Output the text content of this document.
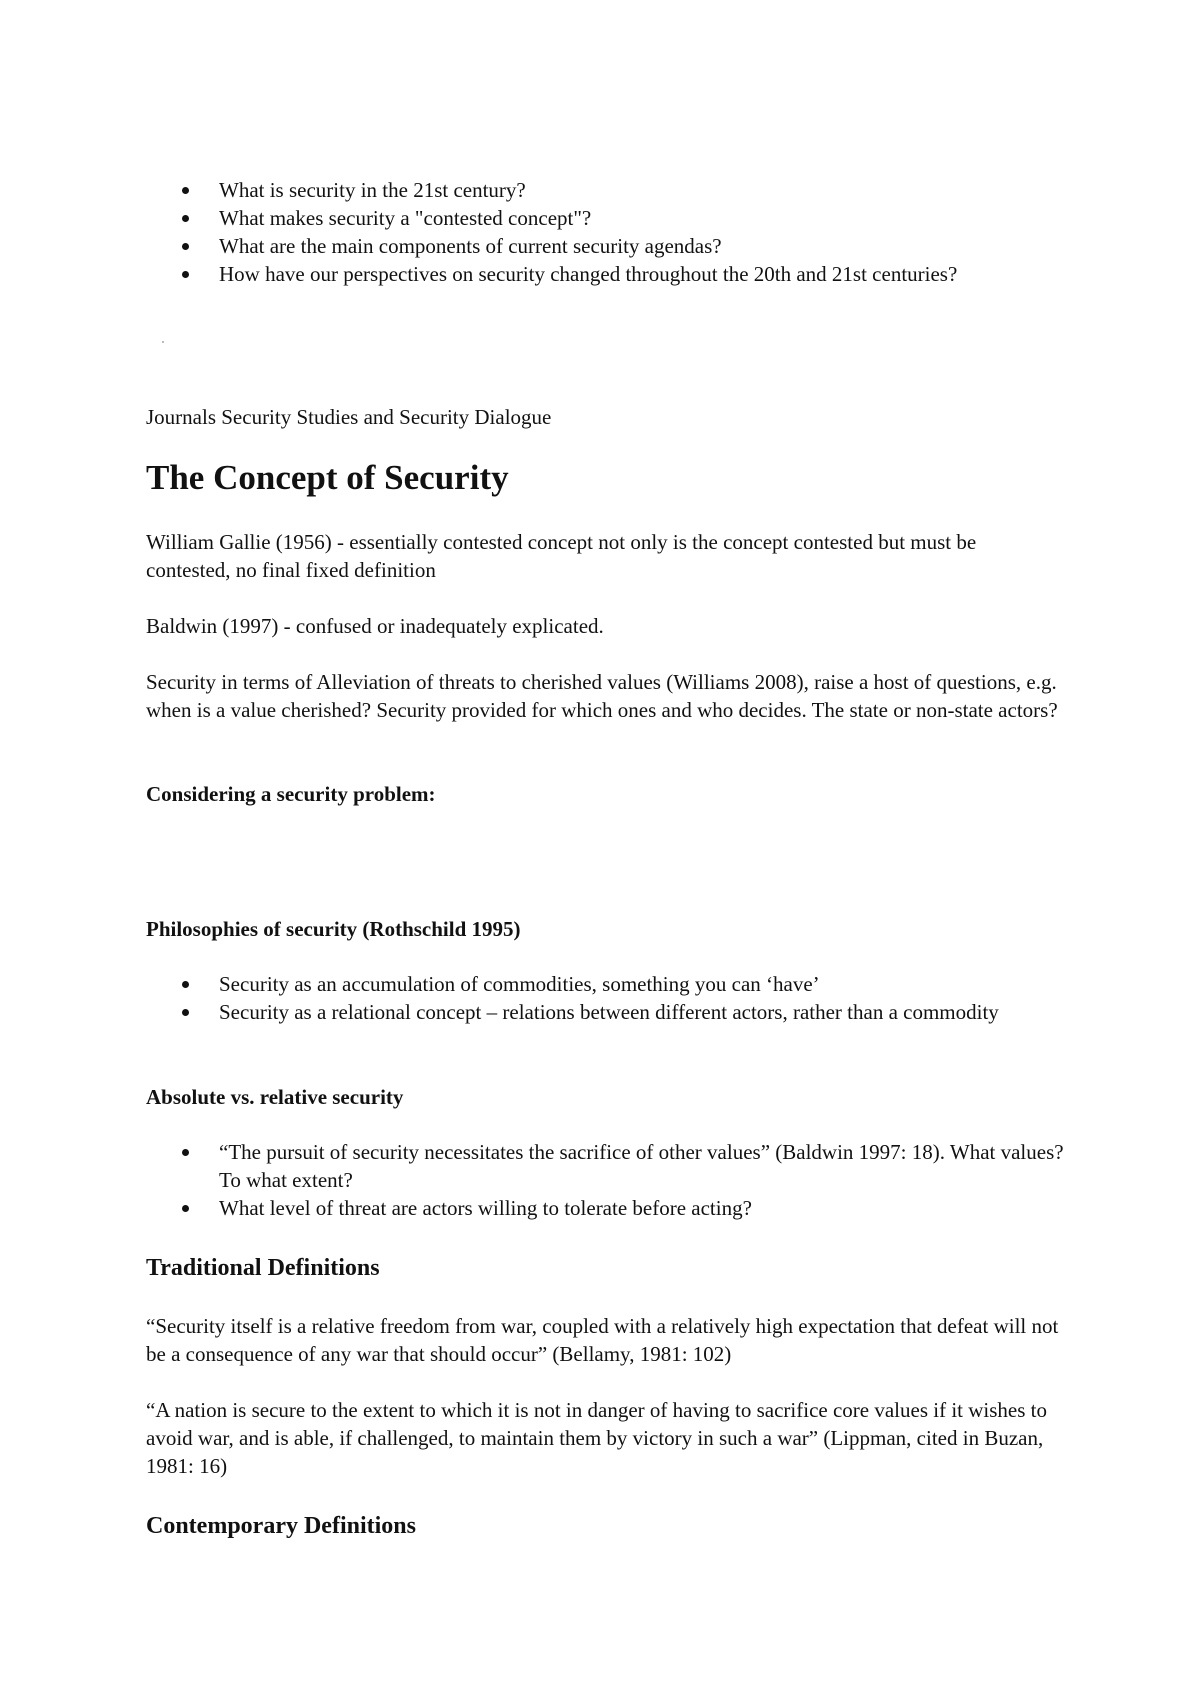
What is security in the 21st century?
What makes security a "contested concept"?
What are the main components of current security agendas?
How have our perspectives on security changed throughout the 20th and 21st centuries?

Journals Security Studies and Security Dialogue

The Concept of Security

William Gallie (1956) - essentially contested concept not only is the concept contested but must be contested, no final fixed definition

Baldwin (1997) - confused or inadequately explicated.

Security in terms of Alleviation of threats to cherished values (Williams 2008), raise a host of questions, e.g. when is a value cherished? Security provided for which ones and who decides. The state or non-state actors?

Considering a security problem:

Philosophies of security (Rothschild 1995)

Security as an accumulation of commodities, something you can ‘have’
Security as a relational concept – relations between different actors, rather than a commodity

Absolute vs. relative security

“The pursuit of security necessitates the sacrifice of other values” (Baldwin 1997: 18). What values? To what extent?
What level of threat are actors willing to tolerate before acting?
Traditional Definitions

“Security itself is a relative freedom from war, coupled with a relatively high expectation that defeat will not be a consequence of any war that should occur” (Bellamy, 1981: 102)

“A nation is secure to the extent to which it is not in danger of having to sacrifice core values if it wishes to avoid war, and is able, if challenged, to maintain them by victory in such a war” (Lippman, cited in Buzan, 1981: 16)

Contemporary Definitions
